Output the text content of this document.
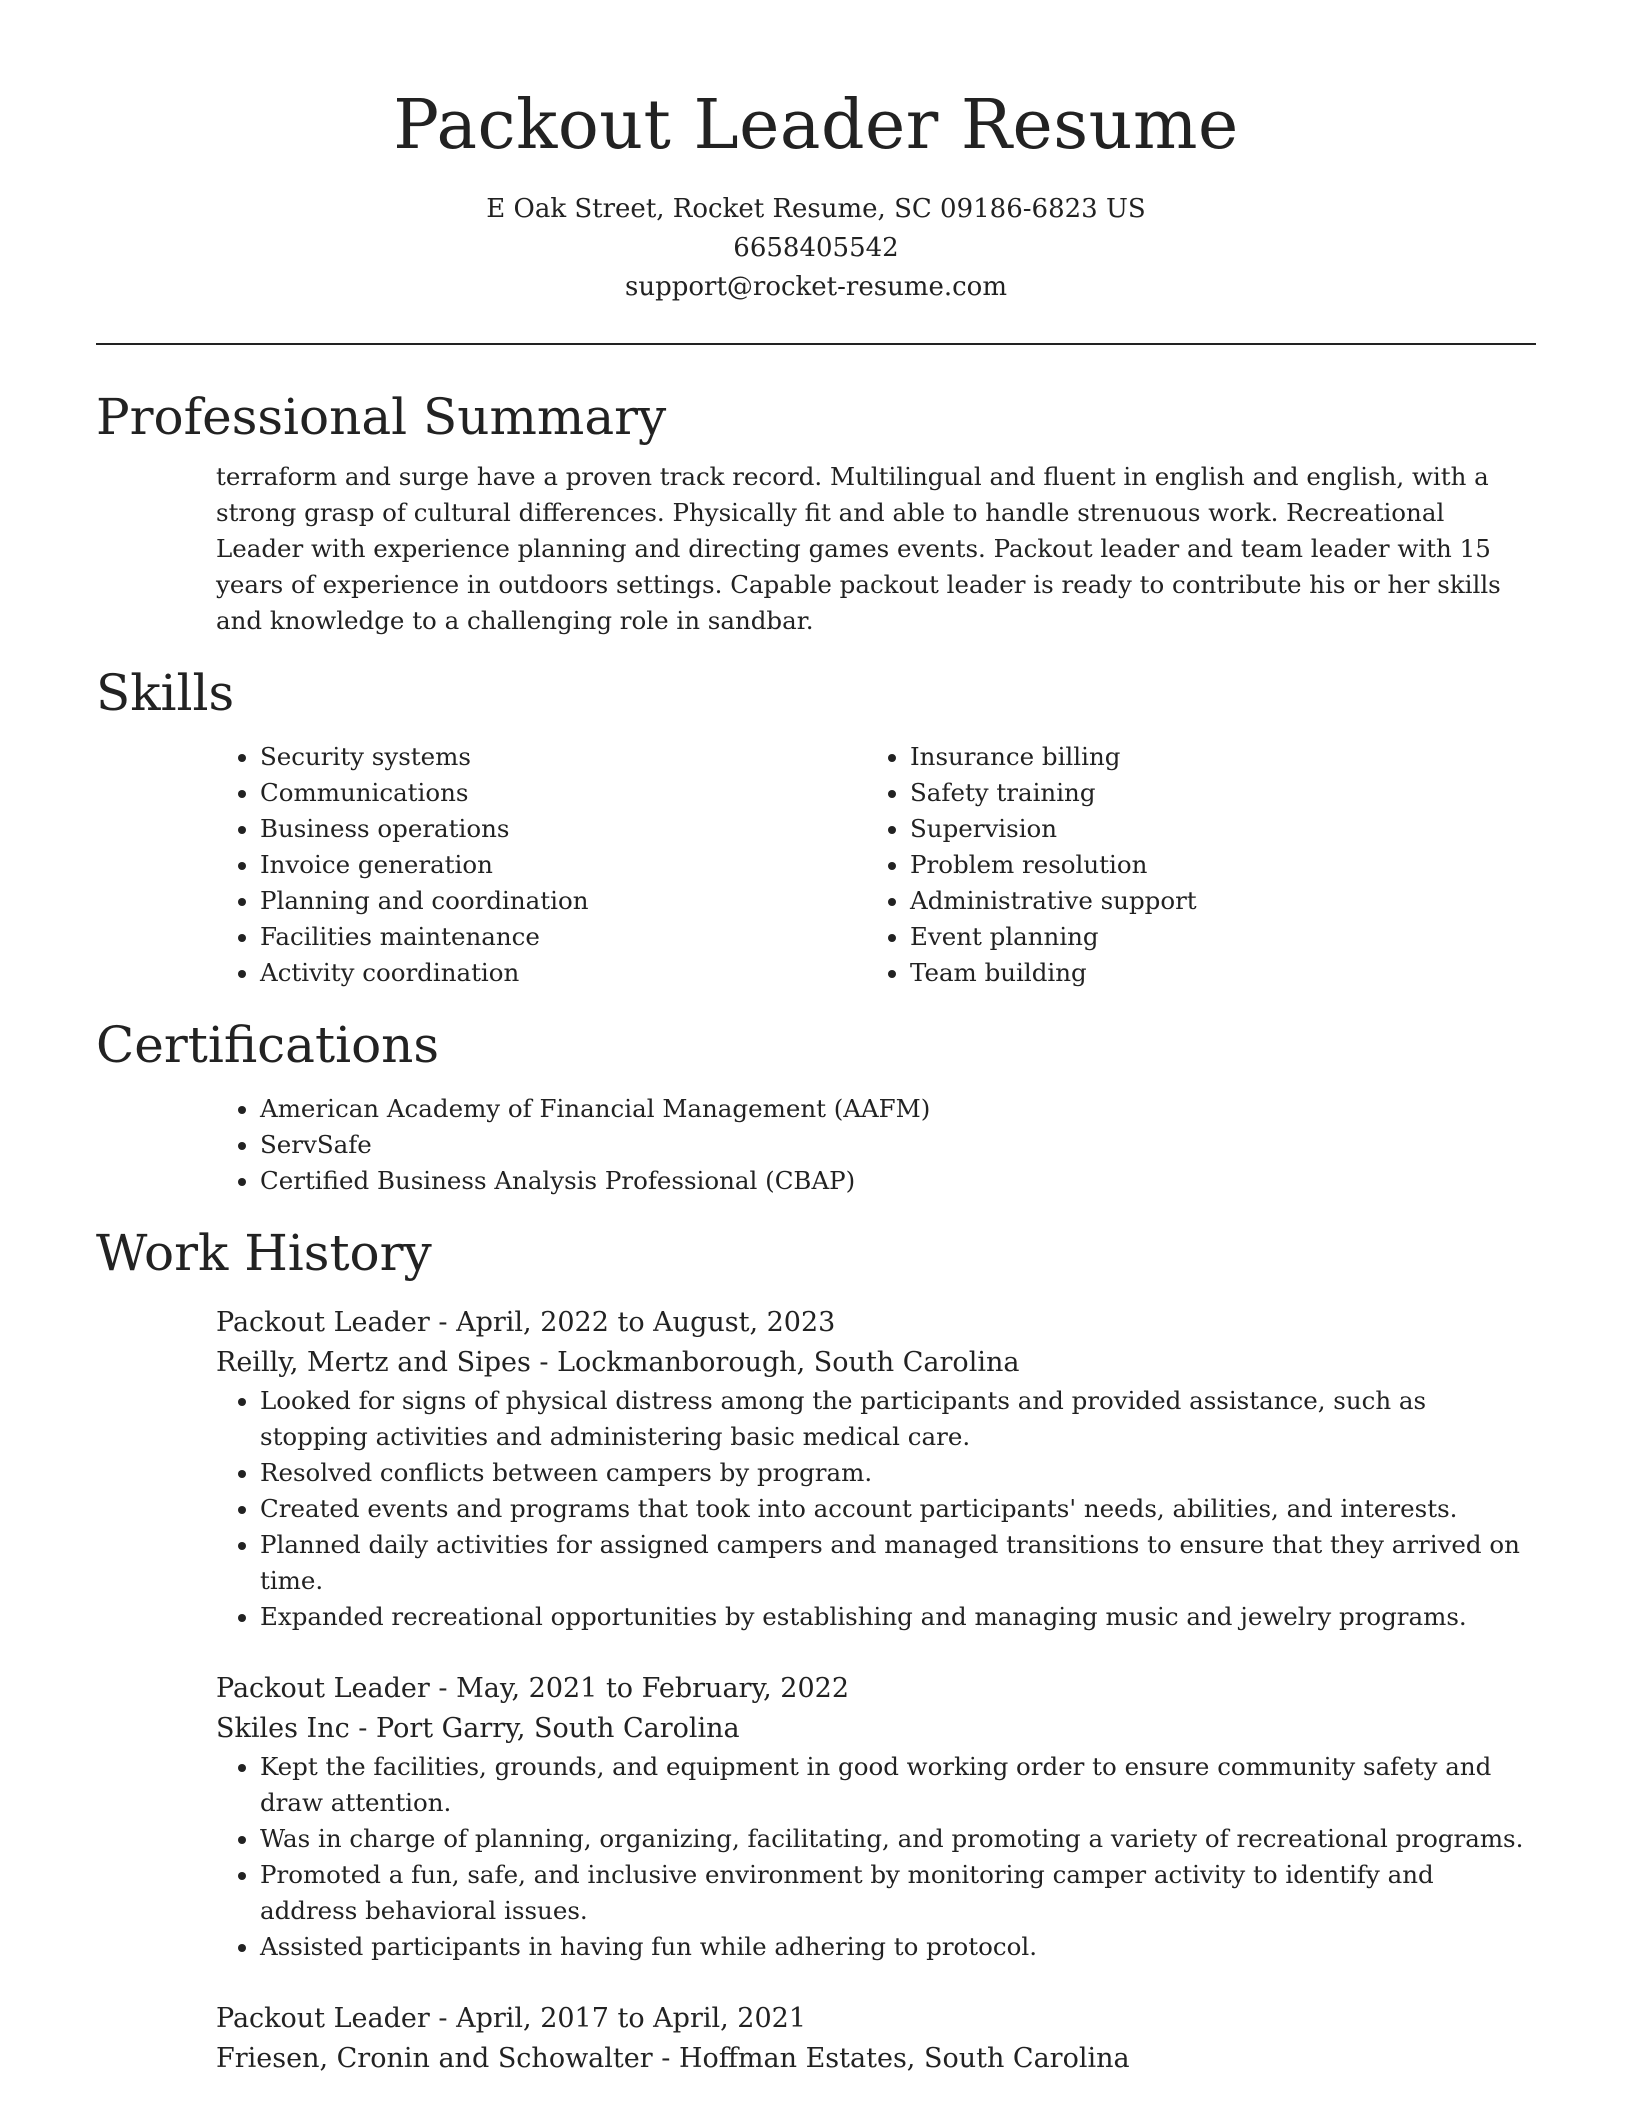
Packout Leader Resume
E Oak Street, Rocket Resume, SC 09186-6823 US
6658405542
support@rocket-resume.com
Professional Summary
terraform and surge have a proven track record. Multilingual and fluent in english and english, with a strong grasp of cultural differences. Physically fit and able to handle strenuous work. Recreational Leader with experience planning and directing games events. Packout leader and team leader with 15 years of experience in outdoors settings. Capable packout leader is ready to contribute his or her skills and knowledge to a challenging role in sandbar.
Skills
• Security systems
• Communications
• Business operations
• Invoice generation
• Planning and coordination
• Facilities maintenance
• Activity coordination
• Insurance billing
• Safety training
• Supervision
• Problem resolution
• Administrative support
• Event planning
• Team building
Certifications
• American Academy of Financial Management (AAFM)
• ServSafe
• Certified Business Analysis Professional (CBAP)
Work History
Packout Leader - April, 2022 to August, 2023
Reilly, Mertz and Sipes - Lockmanborough, South Carolina
• Looked for signs of physical distress among the participants and provided assistance, such as stopping activities and administering basic medical care.
• Resolved conflicts between campers by program.
• Created events and programs that took into account participants' needs, abilities, and interests.
• Planned daily activities for assigned campers and managed transitions to ensure that they arrived on time.
• Expanded recreational opportunities by establishing and managing music and jewelry programs.
Packout Leader - May, 2021 to February, 2022
Skiles Inc - Port Garry, South Carolina
• Kept the facilities, grounds, and equipment in good working order to ensure community safety and draw attention.
• Was in charge of planning, organizing, facilitating, and promoting a variety of recreational programs.
• Promoted a fun, safe, and inclusive environment by monitoring camper activity to identify and address behavioral issues.
• Assisted participants in having fun while adhering to protocol.
Packout Leader - April, 2017 to April, 2021
Friesen, Cronin and Schowalter - Hoffman Estates, South Carolina
